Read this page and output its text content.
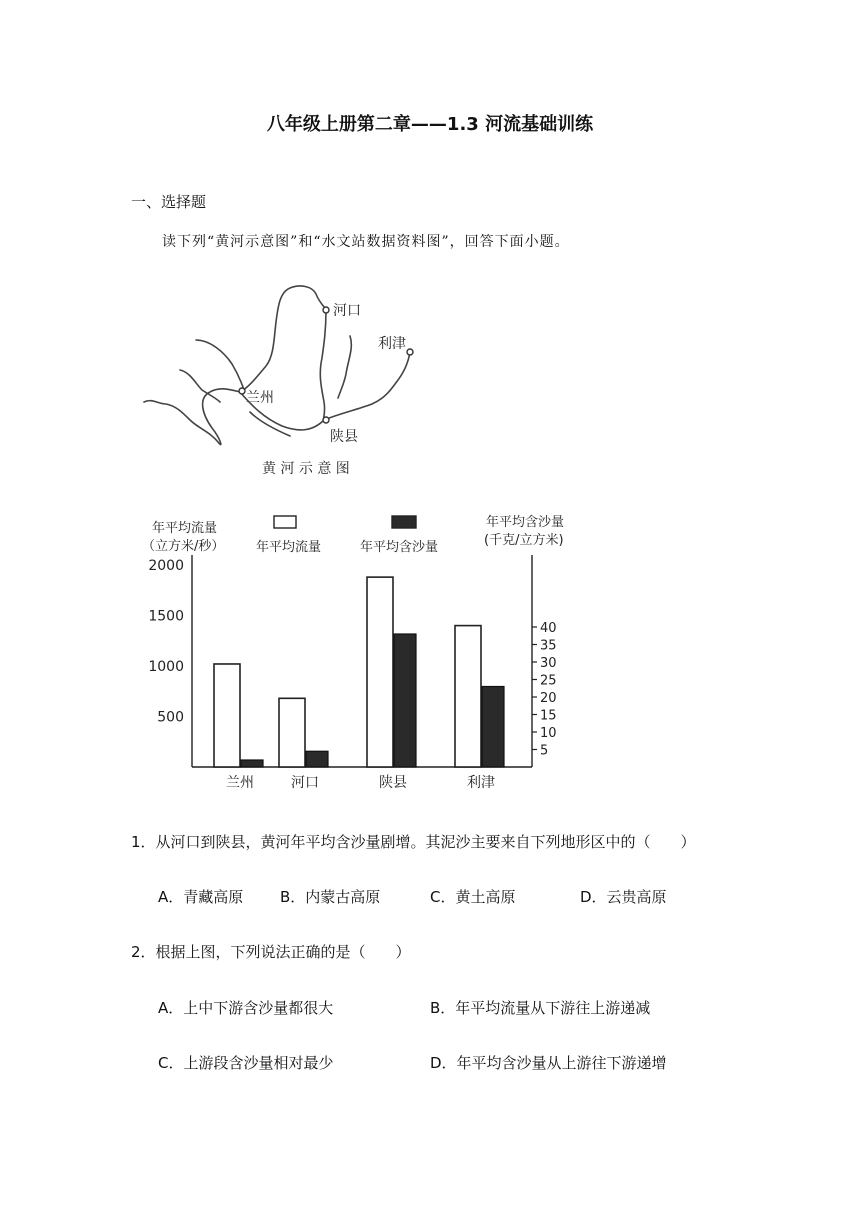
八年级上册第二章——1.3 河流基础训练
一、选择题
读下列“黄河示意图”和“水文站数据资料图”，回答下面小题。
河口
利津
兰州
陕县
黄 河 示 意 图
年平均流量
（立方米/秒）
年平均含沙量
(千克/立方米)
年平均流量	年平均含沙量
500
1000
1500
2000
5
10
15
20
25
30
35
40
兰州	河口	陕县	利津
1．从河口到陕县，黄河年平均含沙量剧增。其泥沙主要来自下列地形区中的（　　）
A．青藏高原 B．内蒙古高原	C．黄土高原	D．云贵高原
2．根据上图，下列说法正确的是（　　）
A．上中下游含沙量都很大	B．年平均流量从下游往上游递减
C．上游段含沙量相对最少	D．年平均含沙量从上游往下游递增
